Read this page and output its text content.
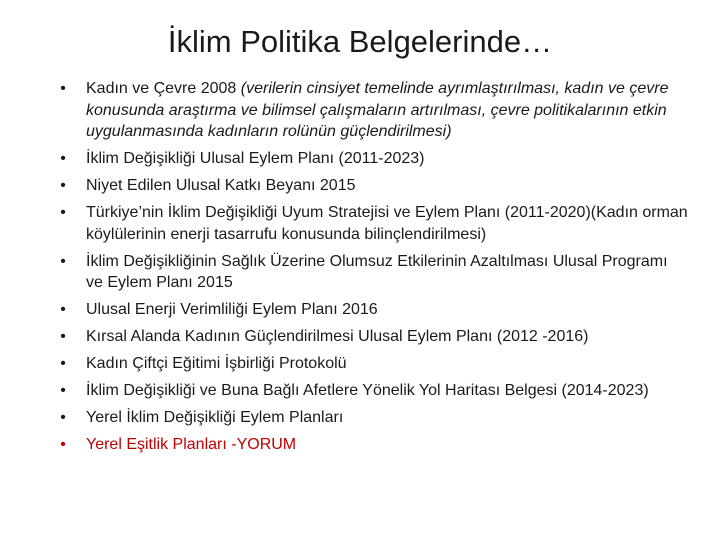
İklim Politika Belgelerinde…
• Kadın ve Çevre 2008 (verilerin cinsiyet temelinde ayrımlaştırılması, kadın ve çevre konusunda araştırma ve bilimsel çalışmaların artırılması, çevre politikalarının etkin uygulanmasında kadınların rolünün güçlendirilmesi)
• İklim Değişikliği Ulusal Eylem Planı (2011-2023)
• Niyet Edilen Ulusal Katkı Beyanı 2015
• Türkiye’nin İklim Değişikliği Uyum Stratejisi ve Eylem Planı (2011-2020)(Kadın orman köylülerinin enerji tasarrufu konusunda bilinçlendirilmesi)
• İklim Değişikliğinin Sağlık Üzerine Olumsuz Etkilerinin Azaltılması Ulusal Programı ve Eylem Planı 2015
• Ulusal Enerji Verimliliği Eylem Planı 2016
• Kırsal Alanda Kadının Güçlendirilmesi Ulusal Eylem Planı (2012 -2016)
• Kadın Çiftçi Eğitimi İşbirliği Protokolü
• İklim Değişikliği ve Buna Bağlı Afetlere Yönelik Yol Haritası Belgesi (2014-2023)
• Yerel İklim Değişikliği Eylem Planları
• Yerel Eşitlik Planları -YORUM
